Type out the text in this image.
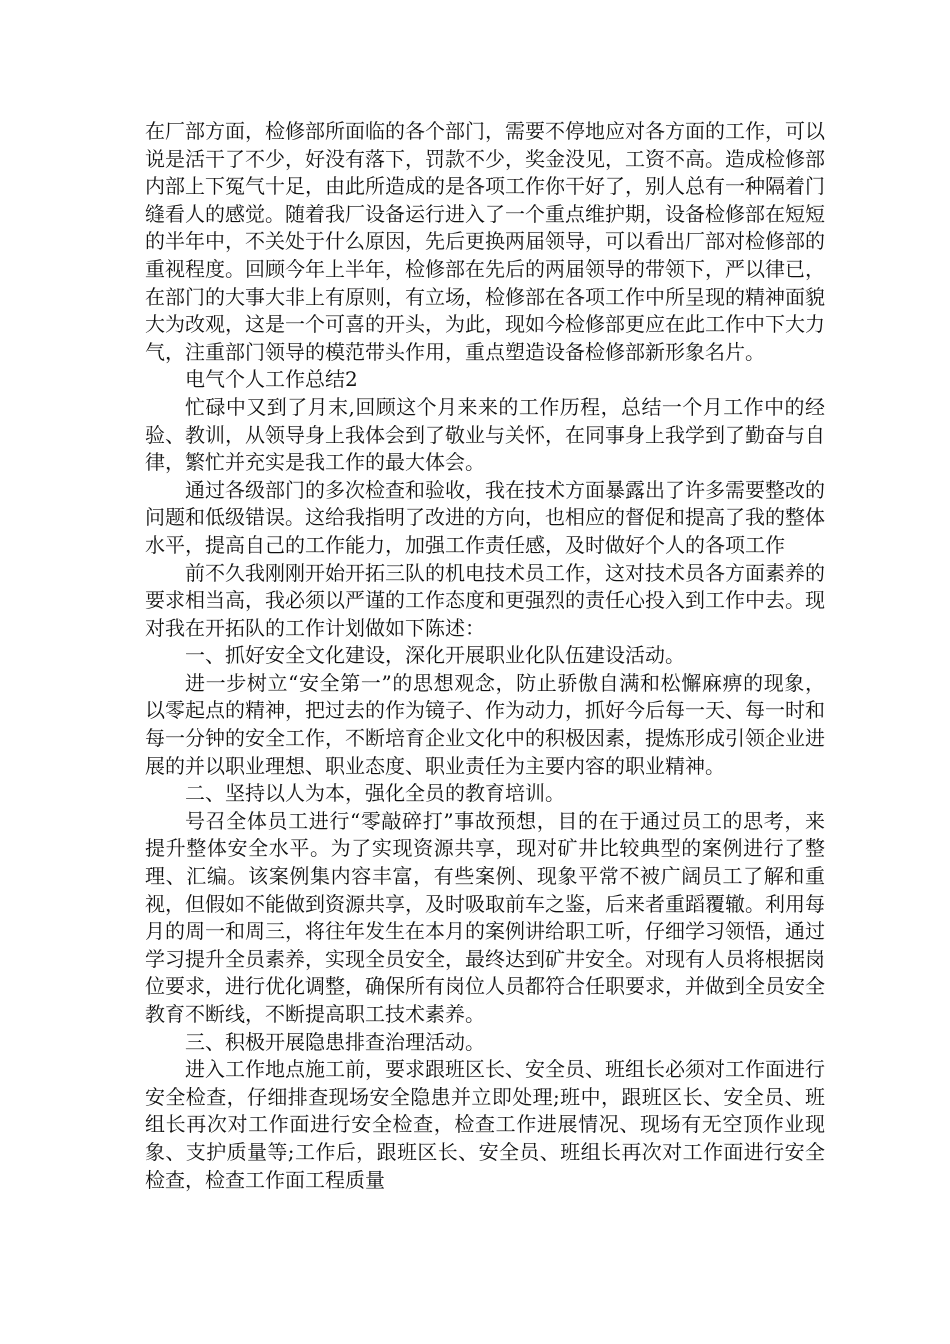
在厂部方面，检修部所面临的各个部门，需要不停地应对各方面的工作，可以说是活干了不少，好没有落下，罚款不少，奖金没见，工资不高。造成检修部内部上下冤气十足，由此所造成的是各项工作你干好了，别人总有一种隔着门缝看人的感觉。随着我厂设备运行进入了一个重点维护期，设备检修部在短短的半年中，不关处于什么原因，先后更换两届领导，可以看出厂部对检修部的重视程度。回顾今年上半年，检修部在先后的两届领导的带领下，严以律已，在部门的大事大非上有原则，有立场，检修部在各项工作中所呈现的精神面貌大为改观，这是一个可喜的开头，为此，现如今检修部更应在此工作中下大力气，注重部门领导的模范带头作用，重点塑造设备检修部新形象名片。

电气个人工作总结2

忙碌中又到了月末,回顾这个月来来的工作历程，总结一个月工作中的经验、教训，从领导身上我体会到了敬业与关怀，在同事身上我学到了勤奋与自律，繁忙并充实是我工作的最大体会。

通过各级部门的多次检查和验收，我在技术方面暴露出了许多需要整改的问题和低级错误。这给我指明了改进的方向，也相应的督促和提高了我的整体水平，提高自己的工作能力，加强工作责任感，及时做好个人的各项工作

前不久我刚刚开始开拓三队的机电技术员工作，这对技术员各方面素养的要求相当高，我必须以严谨的工作态度和更强烈的责任心投入到工作中去。现对我在开拓队的工作计划做如下陈述：

一、抓好安全文化建设，深化开展职业化队伍建设活动。

进一步树立“安全第一”的思想观念，防止骄傲自满和松懈麻痹的现象，以零起点的精神，把过去的作为镜子、作为动力，抓好今后每一天、每一时和每一分钟的安全工作，不断培育企业文化中的积极因素，提炼形成引领企业进展的并以职业理想、职业态度、职业责任为主要内容的职业精神。

二、坚持以人为本，强化全员的教育培训。

号召全体员工进行“零敲碎打”事故预想，目的在于通过员工的思考，来提升整体安全水平。为了实现资源共享，现对矿井比较典型的案例进行了整理、汇编。该案例集内容丰富，有些案例、现象平常不被广阔员工了解和重视，但假如不能做到资源共享，及时吸取前车之鉴，后来者重蹈覆辙。利用每月的周一和周三，将往年发生在本月的案例讲给职工听，仔细学习领悟，通过学习提升全员素养，实现全员安全，最终达到矿井安全。对现有人员将根据岗位要求，进行优化调整，确保所有岗位人员都符合任职要求，并做到全员安全教育不断线，不断提高职工技术素养。

三、积极开展隐患排查治理活动。

进入工作地点施工前，要求跟班区长、安全员、班组长必须对工作面进行安全检查，仔细排查现场安全隐患并立即处理;班中，跟班区长、安全员、班组长再次对工作面进行安全检查，检查工作进展情况、现场有无空顶作业现象、支护质量等;工作后，跟班区长、安全员、班组长再次对工作面进行安全检查，检查工作面工程质量
